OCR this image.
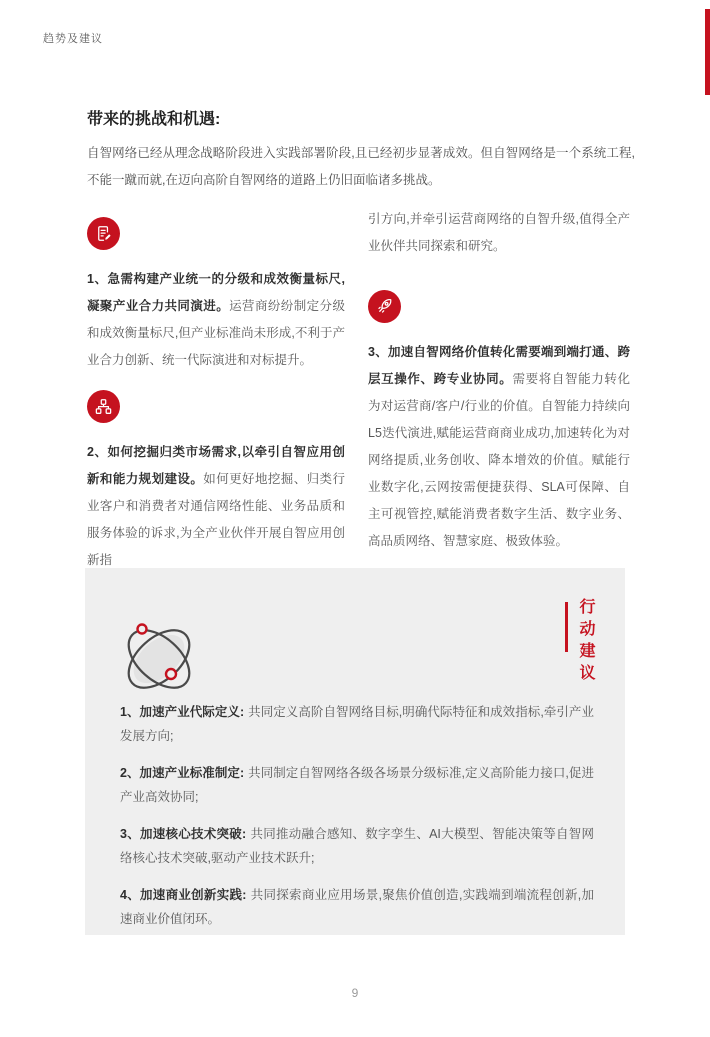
趋势及建议
带来的挑战和机遇:
自智网络已经从理念战略阶段进入实践部署阶段,且已经初步显著成效。但自智网络是一个系统工程,不能一蹴而就,在迈向高阶自智网络的道路上仍旧面临诸多挑战。

1、急需构建产业统一的分级和成效衡量标尺,凝聚产业合力共同演进。运营商纷纷制定分级和成效衡量标尺,但产业标准尚未形成,不利于产业合力创新、统一代际演进和对标提升。

2、如何挖掘归类市场需求,以牵引自智应用创新和能力规划建设。如何更好地挖掘、归类行业客户和消费者对通信网络性能、业务品质和服务体验的诉求,为全产业伙伴开展自智应用创新指

引方向,并牵引运营商网络的自智升级,值得全产业伙伴共同探索和研究。

3、加速自智网络价值转化需要端到端打通、跨层互操作、跨专业协同。需要将自智能力转化为对运营商/客户/行业的价值。自智能力持续向L5迭代演进,赋能运营商商业成功,加速转化为对网络提质,业务创收、降本增效的价值。赋能行业数字化,云网按需便捷获得、SLA可保障、自主可视管控,赋能消费者数字生活、数字业务、高品质网络、智慧家庭、极致体验。

行动建议

1、加速产业代际定义: 共同定义高阶自智网络目标,明确代际特征和成效指标,牵引产业发展方向;

2、加速产业标准制定: 共同制定自智网络各级各场景分级标准,定义高阶能力接口,促进产业高效协同;

3、加速核心技术突破: 共同推动融合感知、数字孪生、AI大模型、智能决策等自智网络核心技术突破,驱动产业技术跃升;

4、加速商业创新实践: 共同探索商业应用场景,聚焦价值创造,实践端到端流程创新,加速商业价值闭环。

9
